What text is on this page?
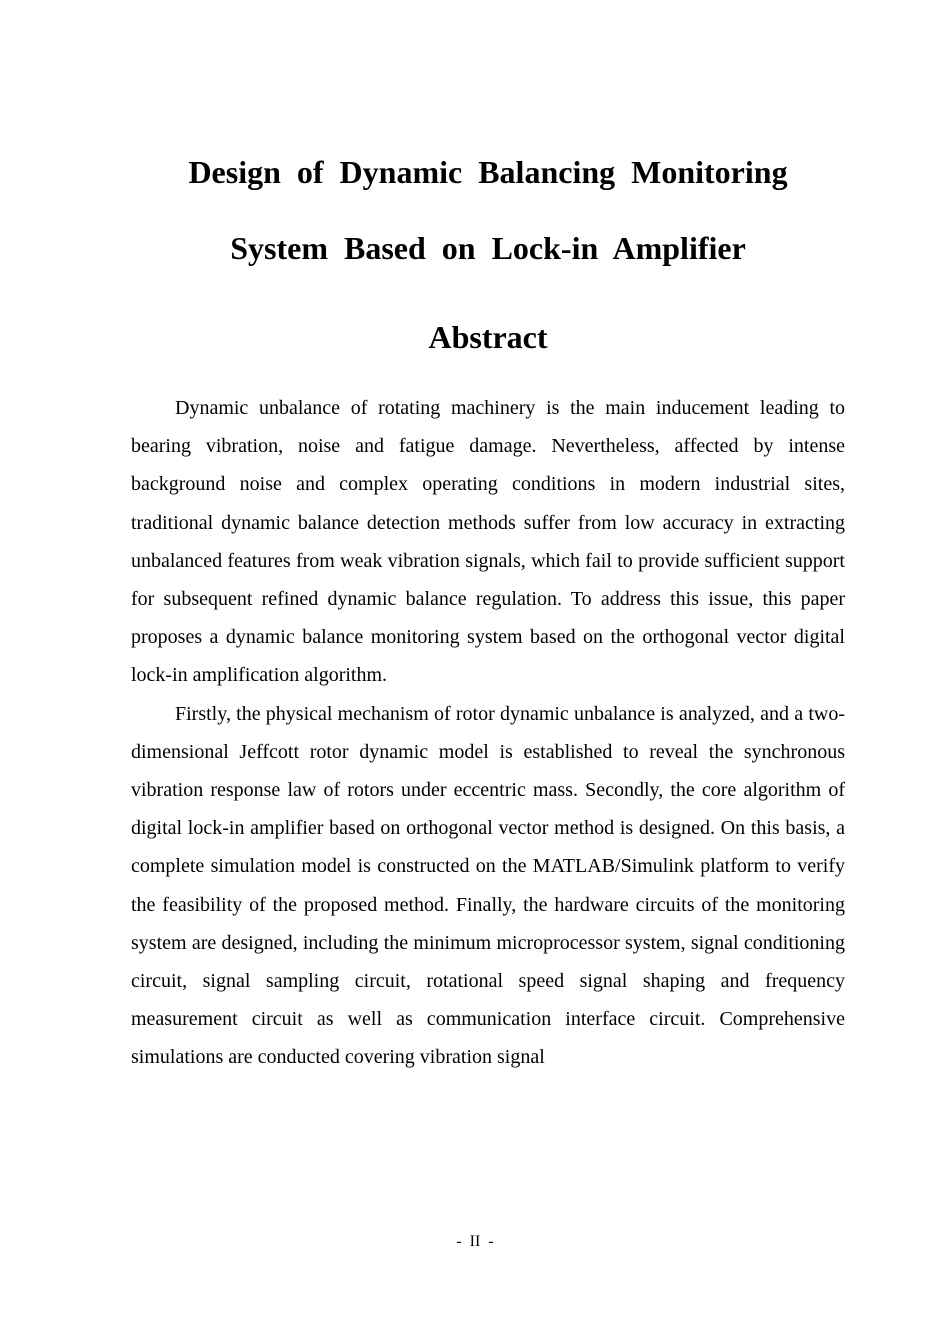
Design of Dynamic Balancing Monitoring
System Based on Lock-in Amplifier
Abstract

Dynamic unbalance of rotating machinery is the main inducement leading to bearing vibration, noise and fatigue damage. Nevertheless, affected by intense background noise and complex operating conditions in modern industrial sites, traditional dynamic balance detection methods suffer from low accuracy in extracting unbalanced features from weak vibration signals, which fail to provide sufficient support for subsequent refined dynamic balance regulation. To address this issue, this paper proposes a dynamic balance monitoring system based on the orthogonal vector digital lock-in amplification algorithm.

Firstly, the physical mechanism of rotor dynamic unbalance is analyzed, and a two-dimensional Jeffcott rotor dynamic model is established to reveal the synchronous vibration response law of rotors under eccentric mass. Secondly, the core algorithm of digital lock-in amplifier based on orthogonal vector method is designed. On this basis, a complete simulation model is constructed on the MATLAB/Simulink platform to verify the feasibility of the proposed method. Finally, the hardware circuits of the monitoring system are designed, including the minimum microprocessor system, signal conditioning circuit, signal sampling circuit, rotational speed signal shaping and frequency measurement circuit as well as communication interface circuit. Comprehensive simulations are conducted covering vibration signal

- II -
